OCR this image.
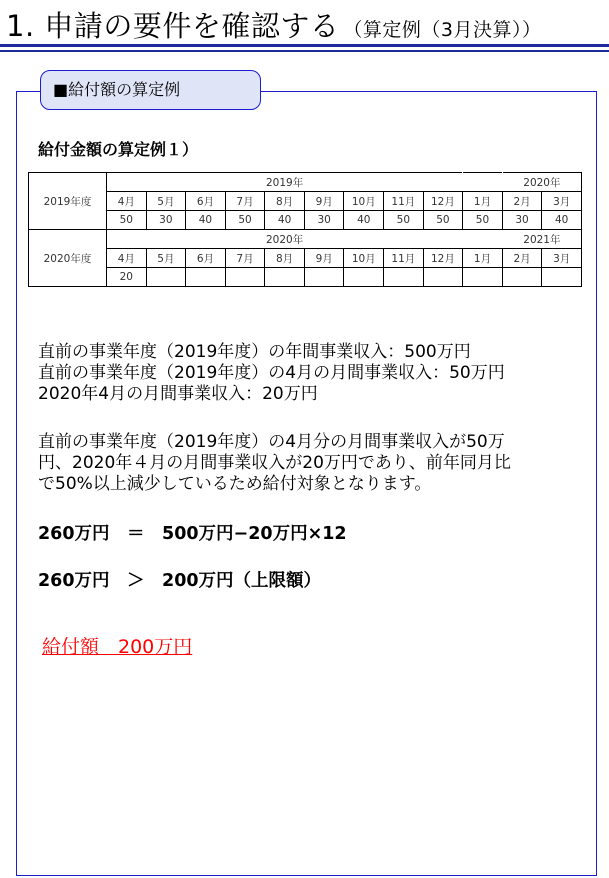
1. 申請の要件を確認する （算定例（3月決算））
■給付額の算定例
給付金額の算定例１）
2019年度	2019年										2020年	
	4月	5月	6月	7月	8月	9月	10月	11月	12月	1月	2月	3月
	50	30	40	50	40	30	40	50	50	50	30	40
2020年度	2020年										2021年	
	4月	5月	6月	7月	8月	9月	10月	11月	12月	1月	2月	3月
	20											
直前の事業年度（2019年度）の年間事業収入：500万円
直前の事業年度（2019年度）の4月の月間事業収入：50万円
2020年4月の月間事業収入：20万円
直前の事業年度（2019年度）の4月分の月間事業収入が50万
円、2020年４月の月間事業収入が20万円であり、前年同月比
で50%以上減少しているため給付対象となります。
260万円　＝　500万円−20万円×12
260万円　＞　200万円（上限額）
給付額　200万円
